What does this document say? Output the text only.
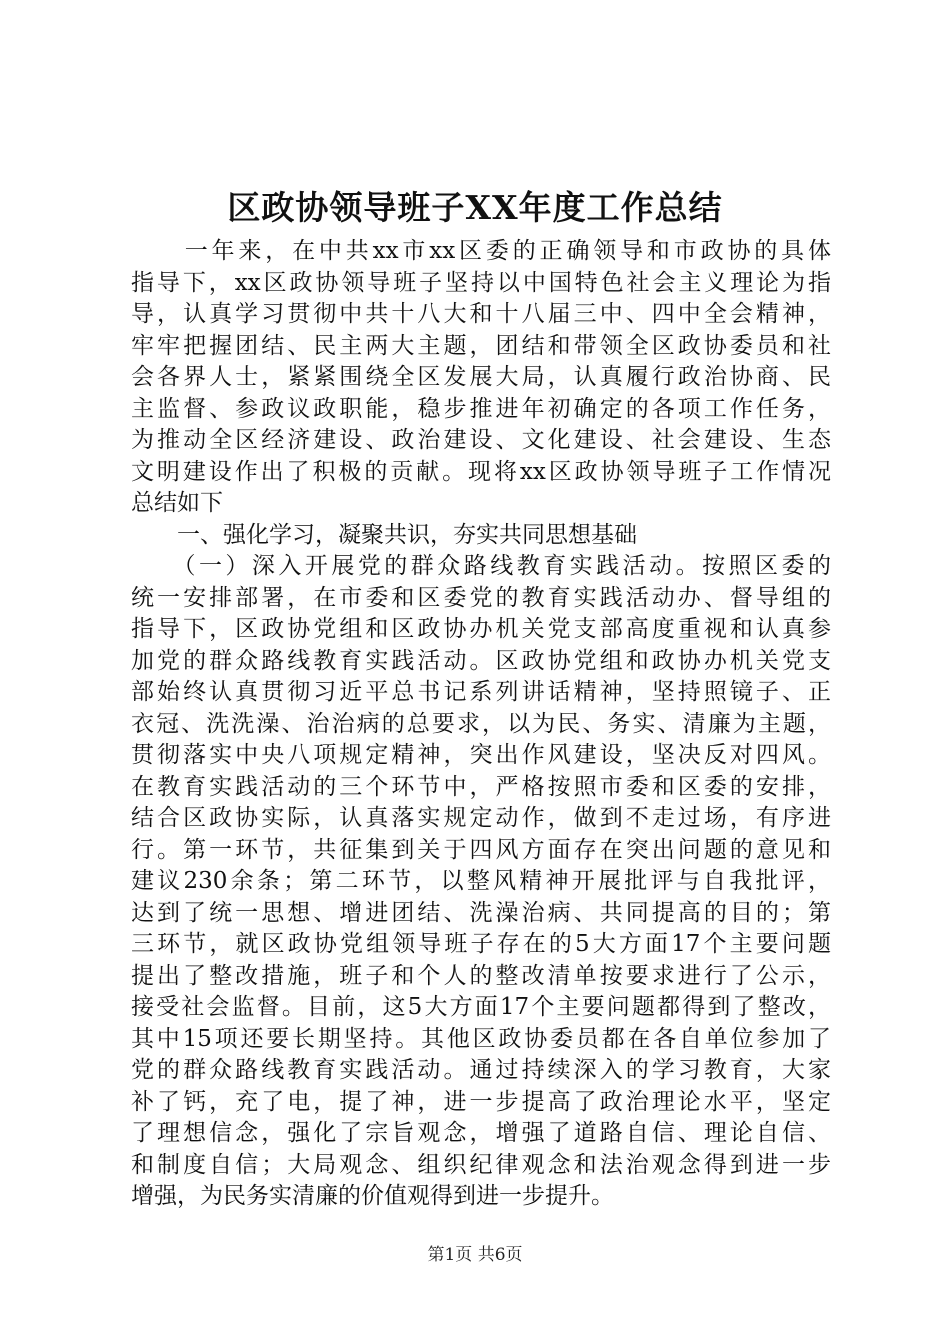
区政协领导班子XX年度工作总结
　　一年来，在中共xx市xx区委的正确领导和市政协的具体
指导下，xx区政协领导班子坚持以中国特色社会主义理论为指
导，认真学习贯彻中共十八大和十八届三中、四中全会精神，
牢牢把握团结、民主两大主题，团结和带领全区政协委员和社
会各界人士，紧紧围绕全区发展大局，认真履行政治协商、民
主监督、参政议政职能，稳步推进年初确定的各项工作任务，
为推动全区经济建设、政治建设、文化建设、社会建设、生态
文明建设作出了积极的贡献。现将xx区政协领导班子工作情况
总结如下
　　一、强化学习，凝聚共识，夯实共同思想基础
　　（一）深入开展党的群众路线教育实践活动。按照区委的
统一安排部署，在市委和区委党的教育实践活动办、督导组的
指导下，区政协党组和区政协办机关党支部高度重视和认真参
加党的群众路线教育实践活动。区政协党组和政协办机关党支
部始终认真贯彻习近平总书记系列讲话精神，坚持照镜子、正
衣冠、洗洗澡、治治病的总要求，以为民、务实、清廉为主题，
贯彻落实中央八项规定精神，突出作风建设，坚决反对四风。
在教育实践活动的三个环节中，严格按照市委和区委的安排，
结合区政协实际，认真落实规定动作，做到不走过场，有序进
行。第一环节，共征集到关于四风方面存在突出问题的意见和
建议230余条；第二环节，以整风精神开展批评与自我批评，
达到了统一思想、增进团结、洗澡治病、共同提高的目的；第
三环节，就区政协党组领导班子存在的5大方面17个主要问题
提出了整改措施，班子和个人的整改清单按要求进行了公示，
接受社会监督。目前，这5大方面17个主要问题都得到了整改，
其中15项还要长期坚持。其他区政协委员都在各自单位参加了
党的群众路线教育实践活动。通过持续深入的学习教育，大家
补了钙，充了电，提了神，进一步提高了政治理论水平，坚定
了理想信念，强化了宗旨观念，增强了道路自信、理论自信、
和制度自信；大局观念、组织纪律观念和法治观念得到进一步
增强，为民务实清廉的价值观得到进一步提升。
第1页 共6页
